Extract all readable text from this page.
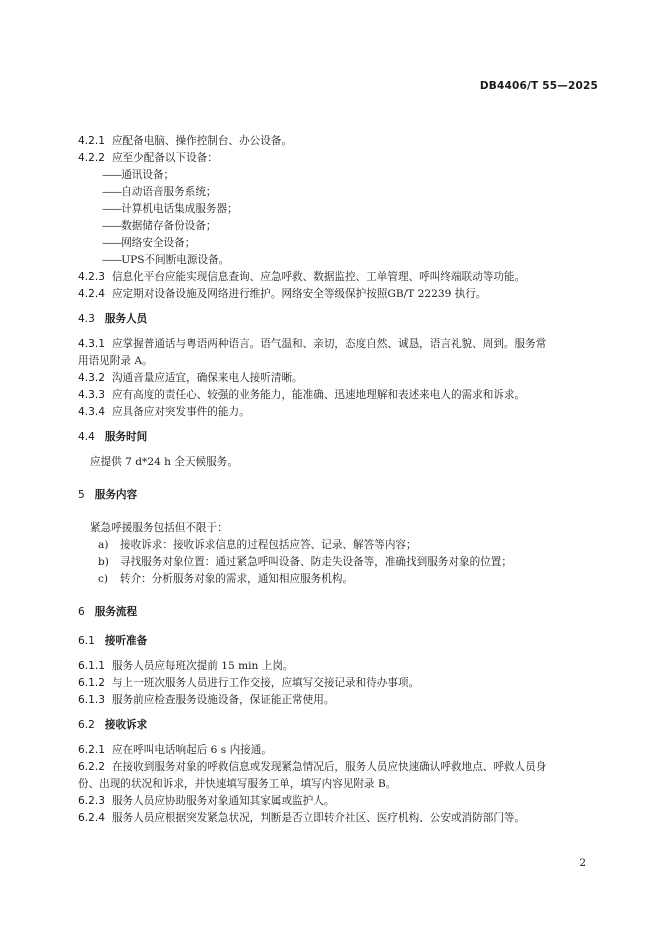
DB4406/T 55—2025
4.2.1 应配备电脑、操作控制台、办公设备。
4.2.2 应至少配备以下设备：
——通讯设备；
——自动语音服务系统；
——计算机电话集成服务器；
——数据储存备份设备；
——网络安全设备；
——UPS不间断电源设备。
4.2.3 信息化平台应能实现信息查询、应急呼救、数据监控、工单管理、呼叫终端联动等功能。
4.2.4 应定期对设备设施及网络进行维护。网络安全等级保护按照GB/T 22239 执行。
4.3 服务人员
4.3.1 应掌握普通话与粤语两种语言。语气温和、亲切，态度自然、诚恳，语言礼貌、周到。服务常
用语见附录 A。
4.3.2 沟通音量应适宜，确保来电人接听清晰。
4.3.3 应有高度的责任心、较强的业务能力，能准确、迅速地理解和表述来电人的需求和诉求。
4.3.4 应具备应对突发事件的能力。
4.4 服务时间
应提供 7 d*24 h 全天候服务。
5 服务内容
紧急呼援服务包括但不限于：
a) 接收诉求：接收诉求信息的过程包括应答、记录、解答等内容；
b) 寻找服务对象位置：通过紧急呼叫设备、防走失设备等，准确找到服务对象的位置；
c) 转介：分析服务对象的需求，通知相应服务机构。
6 服务流程
6.1 接听准备
6.1.1 服务人员应每班次提前 15 min 上岗。
6.1.2 与上一班次服务人员进行工作交接，应填写交接记录和待办事项。
6.1.3 服务前应检查服务设施设备，保证能正常使用。
6.2 接收诉求
6.2.1 应在呼叫电话响起后 6 s 内接通。
6.2.2 在接收到服务对象的呼救信息或发现紧急情况后，服务人员应快速确认呼救地点、呼救人员身
份、出现的状况和诉求，并快速填写服务工单，填写内容见附录 B。
6.2.3 服务人员应协助服务对象通知其家属或监护人。
6.2.4 服务人员应根据突发紧急状况，判断是否立即转介社区、医疗机构、公安或消防部门等。
2
